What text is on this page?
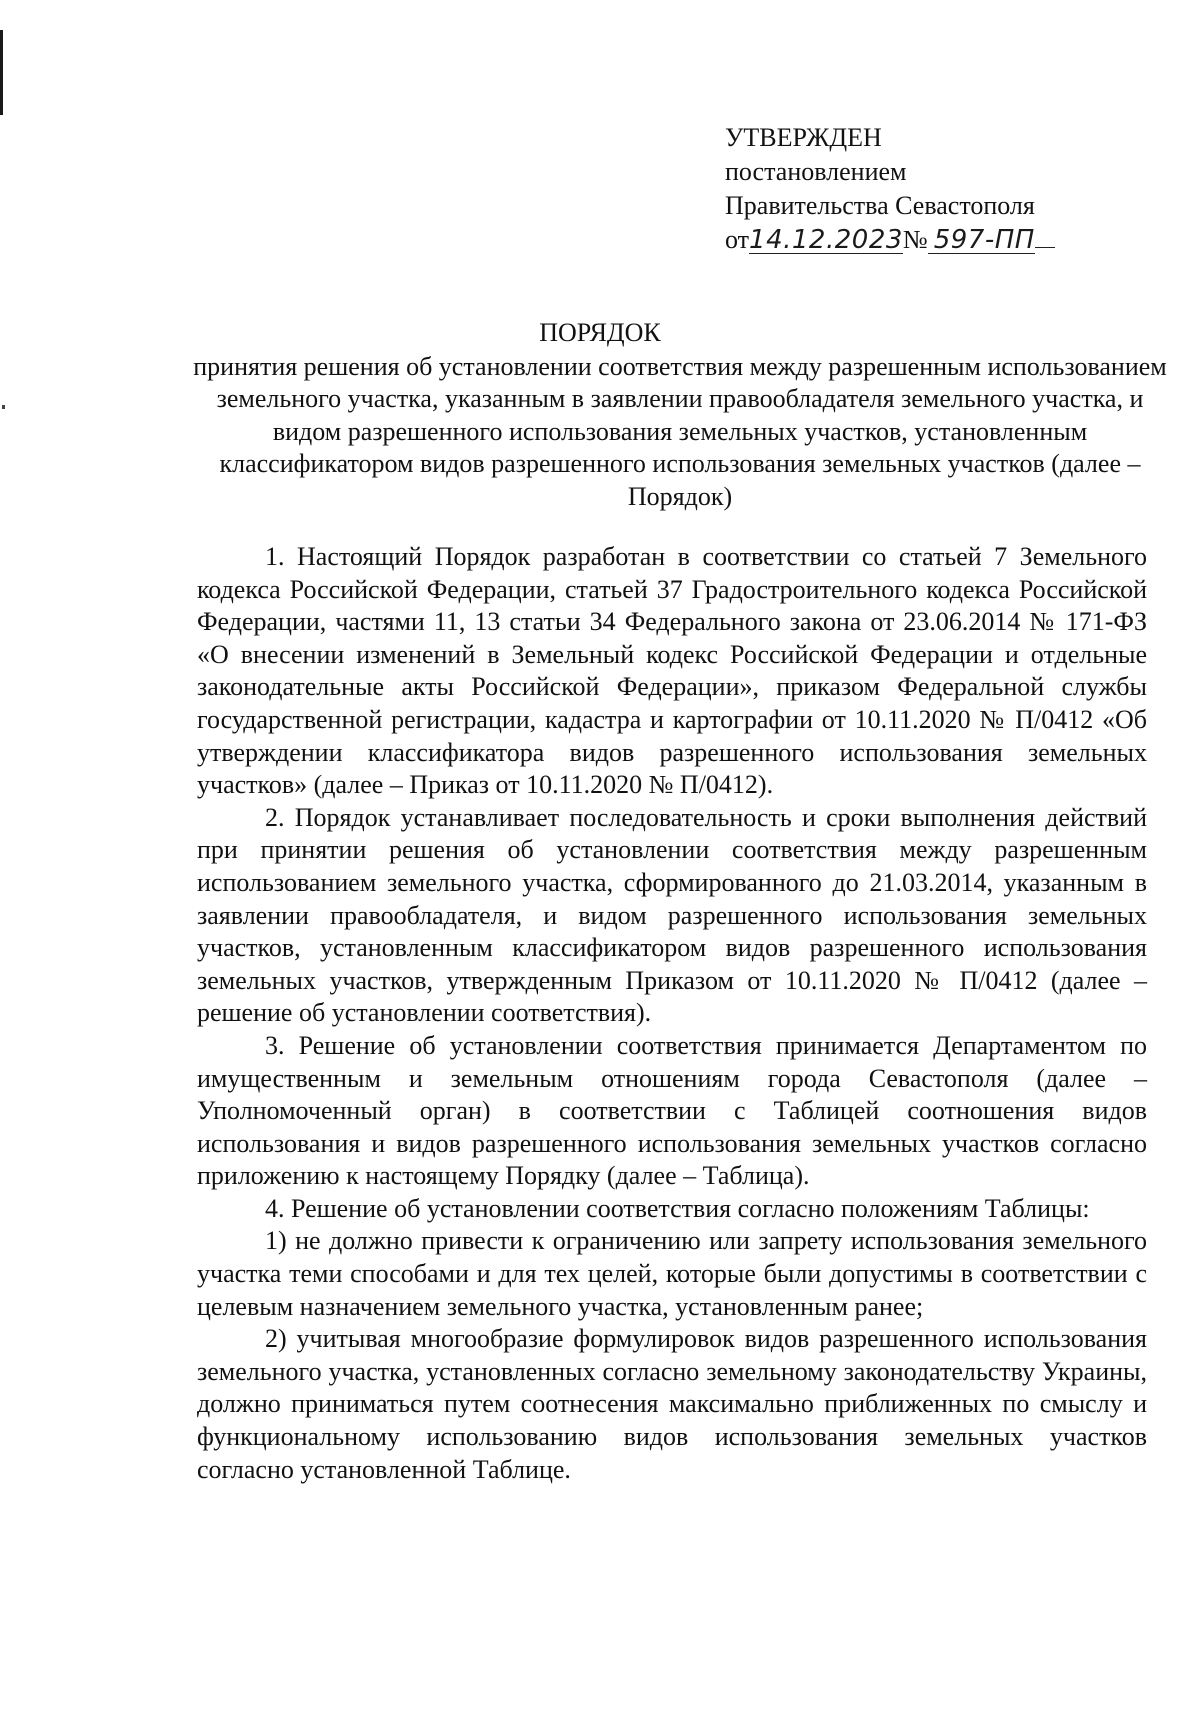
УТВЕРЖДЕН
постановлением
Правительства Севастополя
от14.12.2023№ 597-ПП
ПОРЯДОК
принятия решения об установлении соответствия между разрешенным использованием земельного участка, указанным в заявлении правообладателя земельного участка, и видом разрешенного использования земельных участков, установленным классификатором видов разрешенного использования земельных участков (далее – Порядок)

1. Настоящий Порядок разработан в соответствии со статьей 7 Земельного кодекса Российской Федерации, статьей 37 Градостроительного кодекса Российской Федерации, частями 11, 13 статьи 34 Федерального закона от 23.06.2014 № 171-ФЗ «О внесении изменений в Земельный кодекс Российской Федерации и отдельные законодательные акты Российской Федерации», приказом Федеральной службы государственной регистрации, кадастра и картографии от 10.11.2020 № П/0412 «Об утверждении классификатора видов разрешенного использования земельных участков» (далее – Приказ от 10.11.2020 № П/0412).

2. Порядок устанавливает последовательность и сроки выполнения действий при принятии решения об установлении соответствия между разрешенным использованием земельного участка, сформированного до 21.03.2014, указанным в заявлении правообладателя, и видом разрешенного использования земельных участков, установленным классификатором видов разрешенного использования земельных участков, утвержденным Приказом от 10.11.2020 № П/0412 (далее – решение об установлении соответствия).

3. Решение об установлении соответствия принимается Департаментом по имущественным и земельным отношениям города Севастополя (далее – Уполномоченный орган) в соответствии с Таблицей соотношения видов использования и видов разрешенного использования земельных участков согласно приложению к настоящему Порядку (далее – Таблица).

4. Решение об установлении соответствия согласно положениям Таблицы:

1) не должно привести к ограничению или запрету использования земельного участка теми способами и для тех целей, которые были допустимы в соответствии с целевым назначением земельного участка, установленным ранее;

2) учитывая многообразие формулировок видов разрешенного использования земельного участка, установленных согласно земельному законодательству Украины, должно приниматься путем соотнесения максимально приближенных по смыслу и функциональному использованию видов использования земельных участков согласно установленной Таблице.
